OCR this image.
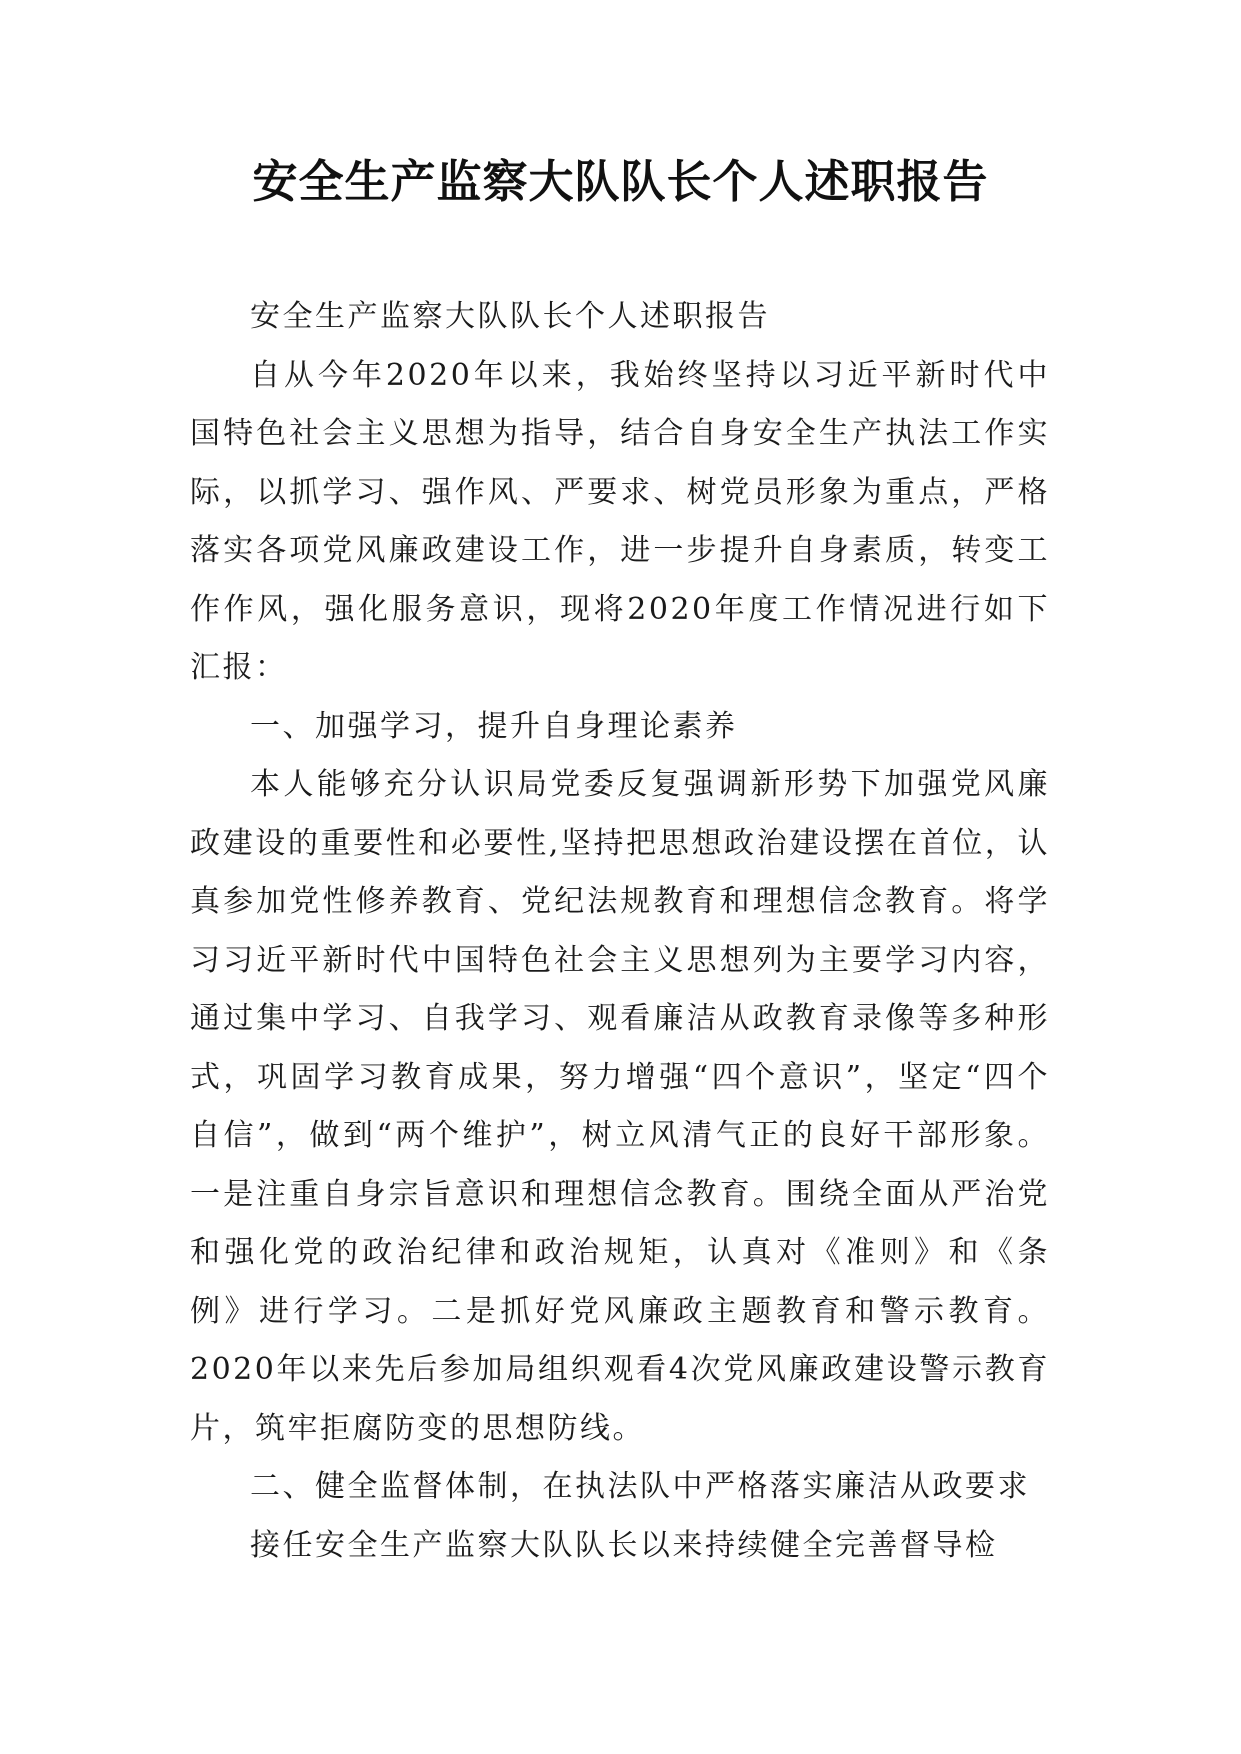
安全生产监察大队队长个人述职报告

安全生产监察大队队长个人述职报告

自从今年2020年以来，我始终坚持以习近平新时代中国特色社会主义思想为指导，结合自身安全生产执法工作实际，以抓学习、强作风、严要求、树党员形象为重点，严格落实各项党风廉政建设工作，进一步提升自身素质，转变工作作风，强化服务意识，现将2020年度工作情况进行如下汇报：

一、加强学习，提升自身理论素养

本人能够充分认识局党委反复强调新形势下加强党风廉政建设的重要性和必要性,坚持把思想政治建设摆在首位，认真参加党性修养教育、党纪法规教育和理想信念教育。将学习习近平新时代中国特色社会主义思想列为主要学习内容，通过集中学习、自我学习、观看廉洁从政教育录像等多种形式，巩固学习教育成果，努力增强“四个意识”，坚定“四个自信”，做到“两个维护”，树立风清气正的良好干部形象。一是注重自身宗旨意识和理想信念教育。围绕全面从严治党和强化党的政治纪律和政治规矩，认真对《准则》和《条例》进行学习。二是抓好党风廉政主题教育和警示教育。2020年以来先后参加局组织观看4次党风廉政建设警示教育片，筑牢拒腐防变的思想防线。

二、健全监督体制，在执法队中严格落实廉洁从政要求

接任安全生产监察大队队长以来持续健全完善督导检
